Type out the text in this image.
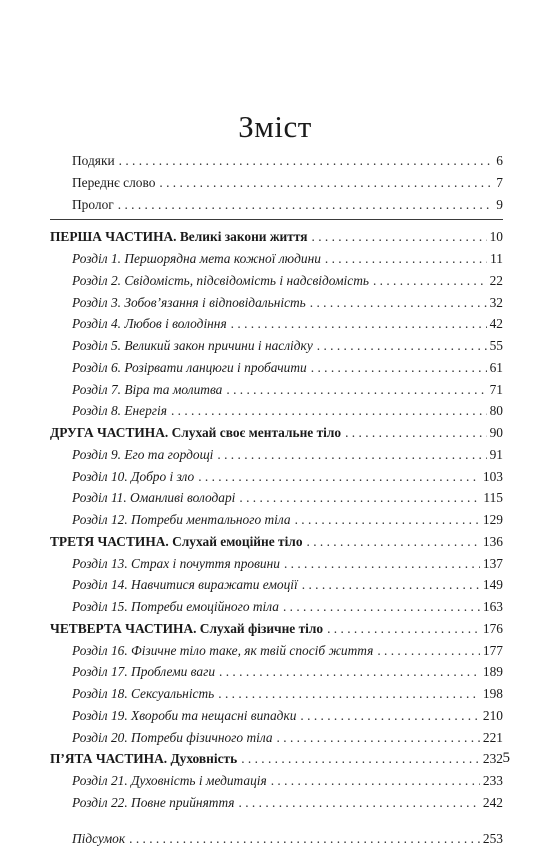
Зміст
Подяки . . .	6
Переднє слово . . .	7
Пролог . . .	9
ПЕРША ЧАСТИНА. Великі закони життя . . .	10
Розділ 1. Першорядна мета кожної людини . . .	11
Розділ 2. Свідомість, підсвідомість і надсвідомість . . .	22
Розділ 3. Зобов’язання і відповідальність . . .	32
Розділ 4. Любов і володіння . . .	42
Розділ 5. Великий закон причини і наслідку . . .	55
Розділ 6. Розірвати ланцюги і пробачити . . .	61
Розділ 7. Віра та молитва . . .	71
Розділ 8. Енергія . . .	80
ДРУГА ЧАСТИНА. Слухай своє ментальне тіло . . .	90
Розділ 9. Его та гордощі . . .	91
Розділ 10. Добро і зло . . .	103
Розділ 11. Оманливі володарі . . .	115
Розділ 12. Потреби ментального тіла . . .	129
ТРЕТЯ ЧАСТИНА. Слухай емоційне тіло . . .	136
Розділ 13. Страх і почуття провини . . .	137
Розділ 14. Навчитися виражати емоції . . .	149
Розділ 15. Потреби емоційного тіла . . .	163
ЧЕТВЕРТА ЧАСТИНА. Слухай фізичне тіло . . .	176
Розділ 16. Фізичне тіло таке, як твій спосіб життя . . .	177
Розділ 17. Проблеми ваги . . .	189
Розділ 18. Сексуальність . . .	198
Розділ 19. Хвороби та нещасні випадки . . .	210
Розділ 20. Потреби фізичного тіла . . .	221
П’ЯТА ЧАСТИНА. Духовність . . .	232
Розділ 21. Духовність і медитація . . .	233
Розділ 22. Повне прийняття . . .	242
Підсумок . . .	253
5
